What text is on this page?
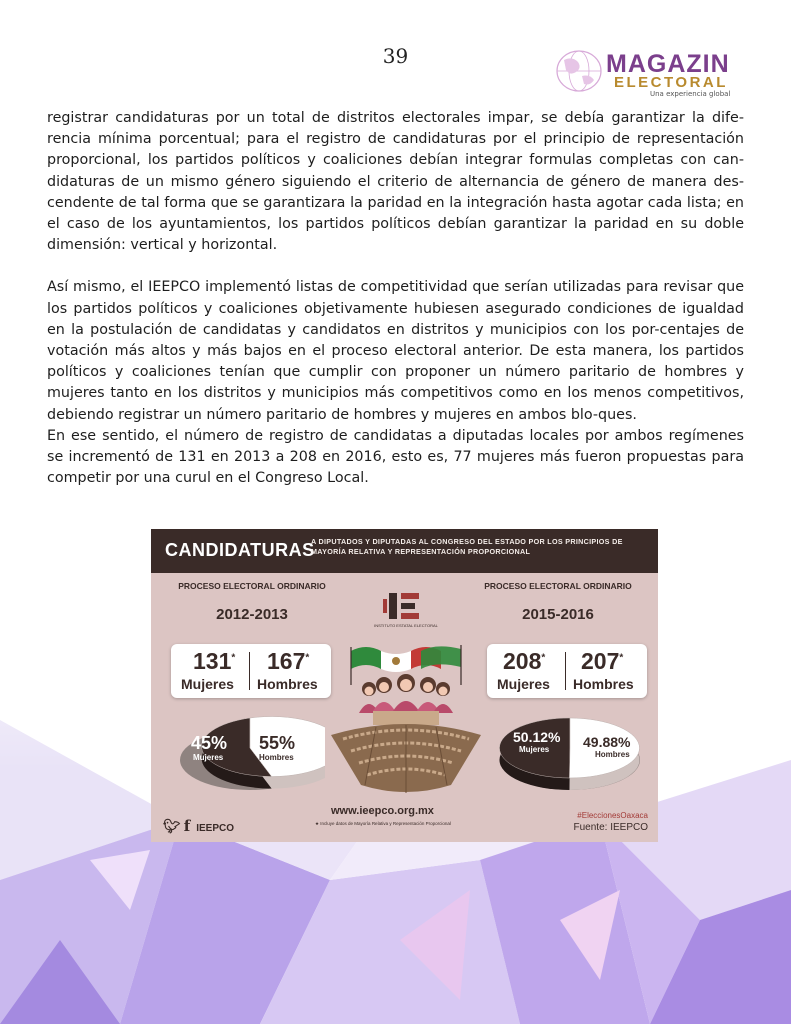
39	MAGAZIN
ELECTORAL
Una experiencia global

registrar candidaturas por un total de distritos electorales impar, se debía garantizar la dife-rencia mínima porcentual; para el registro de candidaturas por el principio de representación proporcional, los partidos políticos y coaliciones debían integrar formulas completas con can-didaturas de un mismo género siguiendo el criterio de alternancia de género de manera des-cendente de tal forma que se garantizara la paridad en la integración hasta agotar cada lista; en el caso de los ayuntamientos, los partidos políticos debían garantizar la paridad en su doble dimensión: vertical y horizontal.

Así mismo, el IEEPCO implementó listas de competitividad que serían utilizadas para revisar que los partidos políticos y coaliciones objetivamente hubiesen asegurado condiciones de igualdad en la postulación de candidatas y candidatos en distritos y municipios con los por-centajes de votación más altos y más bajos en el proceso electoral anterior. De esta manera, los partidos políticos y coaliciones tenían que cumplir con proponer un número paritario de hombres y mujeres tanto en los distritos y municipios más competitivos como en los menos competitivos, debiendo registrar un número paritario de hombres y mujeres en ambos blo-ques.

En ese sentido, el número de registro de candidatas a diputadas locales por ambos regímenes se incrementó de 131 en 2013 a 208 en 2016, esto es, 77 mujeres más fueron propuestas para competir por una curul en el Congreso Local.

CANDIDATURAS
A DIPUTADOS Y DIPUTADAS AL CONGRESO DEL ESTADO POR LOS PRINCIPIOS DE MAYORÍA RELATIVA Y REPRESENTACIÓN PROPORCIONAL
PROCESO ELECTORAL ORDINARIO
2012-2013
131*
Mujeres
167*
Hombres
45%
Mujeres
55%
Hombres
INSTITUTO ESTATAL ELECTORAL
PROCESO ELECTORAL ORDINARIO
2015-2016
208*
Mujeres
207*
Hombres
50.12%
Mujeres 49.88%
Hombres
🐦︎ f IEEPCO
www.ieepco.org.mx
★ Incluye datos de Mayoría Relativa y Representación Proporcional
#EleccionesOaxaca
Fuente: IEEPCO
